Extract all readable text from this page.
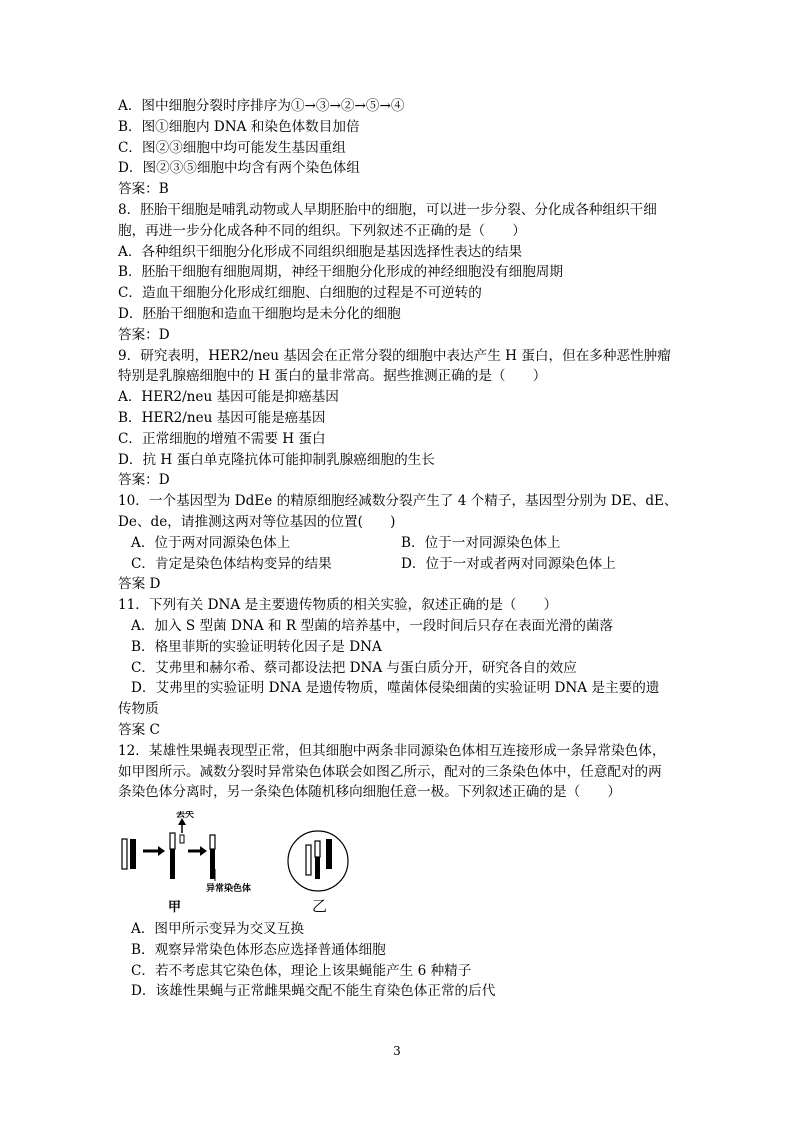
A．图中细胞分裂时序排序为①→③→②→⑤→④
B．图①细胞内 DNA 和染色体数目加倍
C．图②③细胞中均可能发生基因重组
D．图②③⑤细胞中均含有两个染色体组
答案：B
8．胚胎干细胞是哺乳动物或人早期胚胎中的细胞，可以进一步分裂、分化成各种组织干细
胞，再进一步分化成各种不同的组织。下列叙述不正确的是（　　）
A．各种组织干细胞分化形成不同组织细胞是基因选择性表达的结果
B．胚胎干细胞有细胞周期，神经干细胞分化形成的神经细胞没有细胞周期
C．造血干细胞分化形成红细胞、白细胞的过程是不可逆转的
D．胚胎干细胞和造血干细胞均是未分化的细胞
答案：D
9．研究表明，HER2/neu 基因会在正常分裂的细胞中表达产生 H 蛋白，但在多种恶性肿瘤
特别是乳腺癌细胞中的 H 蛋白的量非常高。据些推测正确的是（　　）
A．HER2/neu 基因可能是抑癌基因
B．HER2/neu 基因可能是癌基因
C．正常细胞的增殖不需要 H 蛋白
D．抗 H 蛋白单克隆抗体可能抑制乳腺癌细胞的生长
答案：D
10．一个基因型为 DdEe 的精原细胞经减数分裂产生了 4 个精子，基因型分别为 DE、dE、
De、de，请推测这两对等位基因的位置(　　)
A．位于两对同源染色体上	B．位于一对同源染色体上
C．肯定是染色体结构变异的结果	D．位于一对或者两对同源染色体上
答案 D
11．下列有关 DNA 是主要遗传物质的相关实验，叙述正确的是（　　）
A．加入 S 型菌 DNA 和 R 型菌的培养基中，一段时间后只存在表面光滑的菌落
B．格里菲斯的实验证明转化因子是 DNA
C．艾弗里和赫尔希、蔡司都设法把 DNA 与蛋白质分开，研究各自的效应
D．艾弗里的实验证明 DNA 是遗传物质，噬菌体侵染细菌的实验证明 DNA 是主要的遗
传物质
答案 C
12．某雄性果蝇表现型正常，但其细胞中两条非同源染色体相互连接形成一条异常染色体，
如甲图所示。减数分裂时异常染色体联会如图乙所示，配对的三条染色体中，任意配对的两
条染色体分离时，另一条染色体随机移向细胞任意一极。下列叙述正确的是（　　）
丢失
异常染色体
甲	乙
A．图甲所示变异为交叉互换
B．观察异常染色体形态应选择普通体细胞
C．若不考虑其它染色体，理论上该果蝇能产生 6 种精子
D．该雄性果蝇与正常雌果蝇交配不能生育染色体正常的后代
3
